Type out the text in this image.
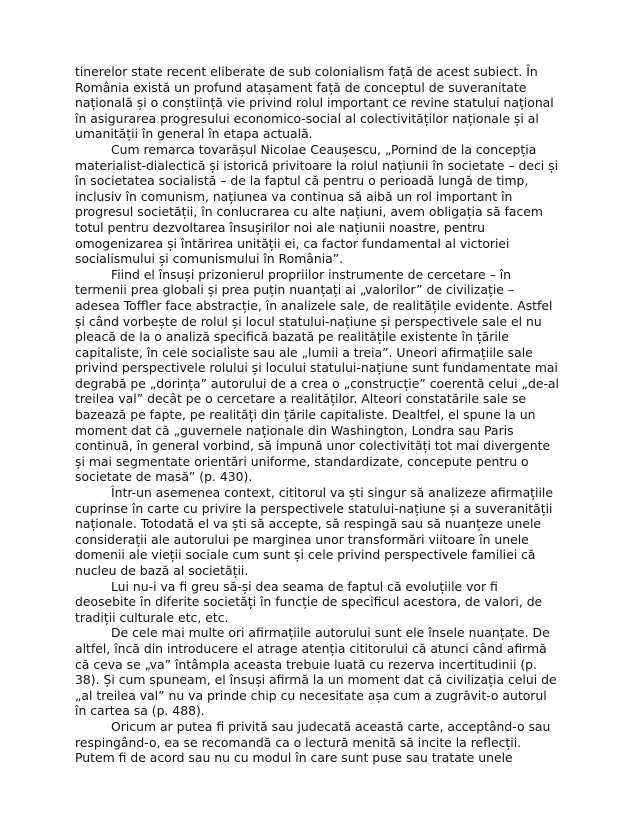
tinerelor state recent eliberate de sub colonialism față de acest subiect. În
România există un profund atașament față de conceptul de suveranitate
națională și o conștiință vie privind rolul important ce revine statului național
în asigurarea progresului economico-social al colectivităților naționale și al
umanității în general în etapa actuală.
Cum remarca tovarășul Nicolae Ceaușescu, „Pornind de la concepția
materialist-dialectică și istorică privitoare la rolul națiunii în societate – deci și
în societatea socialistă – de la faptul că pentru o perioadă lungă de timp,
inclusiv în comunism, națiunea va continua să aibă un rol important în
progresul societății, în conlucrarea cu alte națiuni, avem obligația să facem
totul pentru dezvoltarea însușirilor noi ale națiunii noastre, pentru
omogenizarea și întărirea unității ei, ca factor fundamental al victoriei
socialismului și comunismului în România”.
Fiind el însuși prizonierul propriilor instrumente de cercetare – în
termenii prea globali și prea puțin nuanțați ai „valorilor” de civilizație –
adesea Toffler face abstracție, în analizele sale, de realitățile evidente. Astfel
și când vorbește de rolul și locul statului-națiune și perspectivele sale el nu
pleacă de la o analiză specifică bazată pe realitățile existente în țările
capitaliste, în cele socialiste sau ale „lumii a treia”. Uneori afirmațiile sale
privind perspectivele rolului și locului statului-națiune sunt fundamentate mai
degrabă pe „dorința” autorului de a crea o „construcție” coerentă celui „de-al
treilea val” decât pe o cercetare a realităților. Alteori constatările sale se
bazează pe fapte, pe realități din țările capitaliste. Dealtfel, el spune la un
moment dat că „guvernele naționale din Washington, Londra sau Paris
continuă, în general vorbind, să impună unor colectivități tot mai divergente
și mai segmentate orientări uniforme, standardizate, concepute pentru o
societate de masă” (p. 430).
Într-un asemenea context, cititorul va ști singur să analizeze afirmațiile
cuprinse în carte cu privire la perspectivele statului-națiune și a suveranității
naționale. Totodată el va ști să accepte, să respingă sau să nuanțeze unele
considerații ale autorului pe marginea unor transformări viitoare în unele
domenii ale vieții sociale cum sunt și cele privind perspectivele familiei că
nucleu de bază al societății.
Lui nu-i va fi greu să-și dea seama de faptul că evoluțiile vor fi
deosebite în diferite societăți în funcție de specificul acestora, de valori, de
tradiții culturale etc, etc.
De cele mai multe ori afirmațiile autorului sunt ele însele nuanțate. De
altfel, încă din introducere el atrage atenția cititorului că atunci când afirmă
că ceva se „va” întâmpla aceasta trebuie luată cu rezerva incertitudinii (p.
38). Și cum spuneam, el însuși afirmă la un moment dat că civilizația celui de
„al treilea val” nu va prinde chip cu necesitate așa cum a zugrăvit-o autorul
în cartea sa (p. 488).
Oricum ar putea fi privită sau judecată această carte, acceptând-o sau
respingând-o, ea se recomandă ca o lectură menită să incite la reflecții.
Putem fi de acord sau nu cu modul în care sunt puse sau tratate unele
